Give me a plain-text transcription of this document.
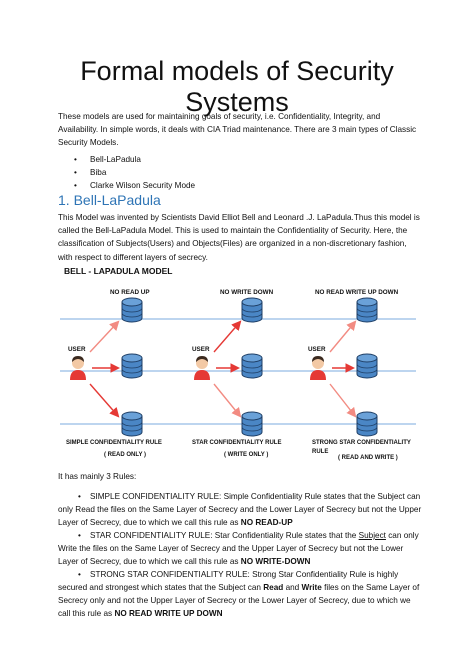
Formal models of Security Systems

These models are used for maintaining goals of security, i.e. Confidentiality, Integrity, and Availability. In simple words, it deals with CIA Triad maintenance. There are 3 main types of Classic Security Models.

• Bell-LaPadula
• Biba
• Clarke Wilson Security Mode
1. Bell-LaPadula

This Model was invented by Scientists David Elliot Bell and Leonard .J. LaPadula.Thus this model is called the Bell-LaPadula Model. This is used to maintain the Confidentiality of Security. Here, the classification of Subjects(Users) and Objects(Files) are organized in a non-discretionary fashion, with respect to different layers of secrecy.

BELL - LAPADULA MODEL
NO READ UP	NO WRITE DOWN	NO READ WRITE UP DOWN
USER	USER	USER
SIMPLE CONFIDENTIALITY RULE
( READ ONLY )
STAR CONFIDENTIALITY RULE
( WRITE ONLY )
STRONG STAR CONFIDENTIALITY
RULE
( READ AND WRITE )

It has mainly 3 Rules:

• SIMPLE CONFIDENTIALITY RULE: Simple Confidentiality Rule states that the Subject can only Read the files on the Same Layer of Secrecy and the Lower Layer of Secrecy but not the Upper Layer of Secrecy, due to which we call this rule as NO READ-UP
• STAR CONFIDENTIALITY RULE: Star Confidentiality Rule states that the Subject can only Write the files on the Same Layer of Secrecy and the Upper Layer of Secrecy but not the Lower Layer of Secrecy, due to which we call this rule as NO WRITE-DOWN
• STRONG STAR CONFIDENTIALITY RULE: Strong Star Confidentiality Rule is highly secured and strongest which states that the Subject can Read and Write files on the Same Layer of Secrecy only and not the Upper Layer of Secrecy or the Lower Layer of Secrecy, due to which we call this rule as NO READ WRITE UP DOWN
